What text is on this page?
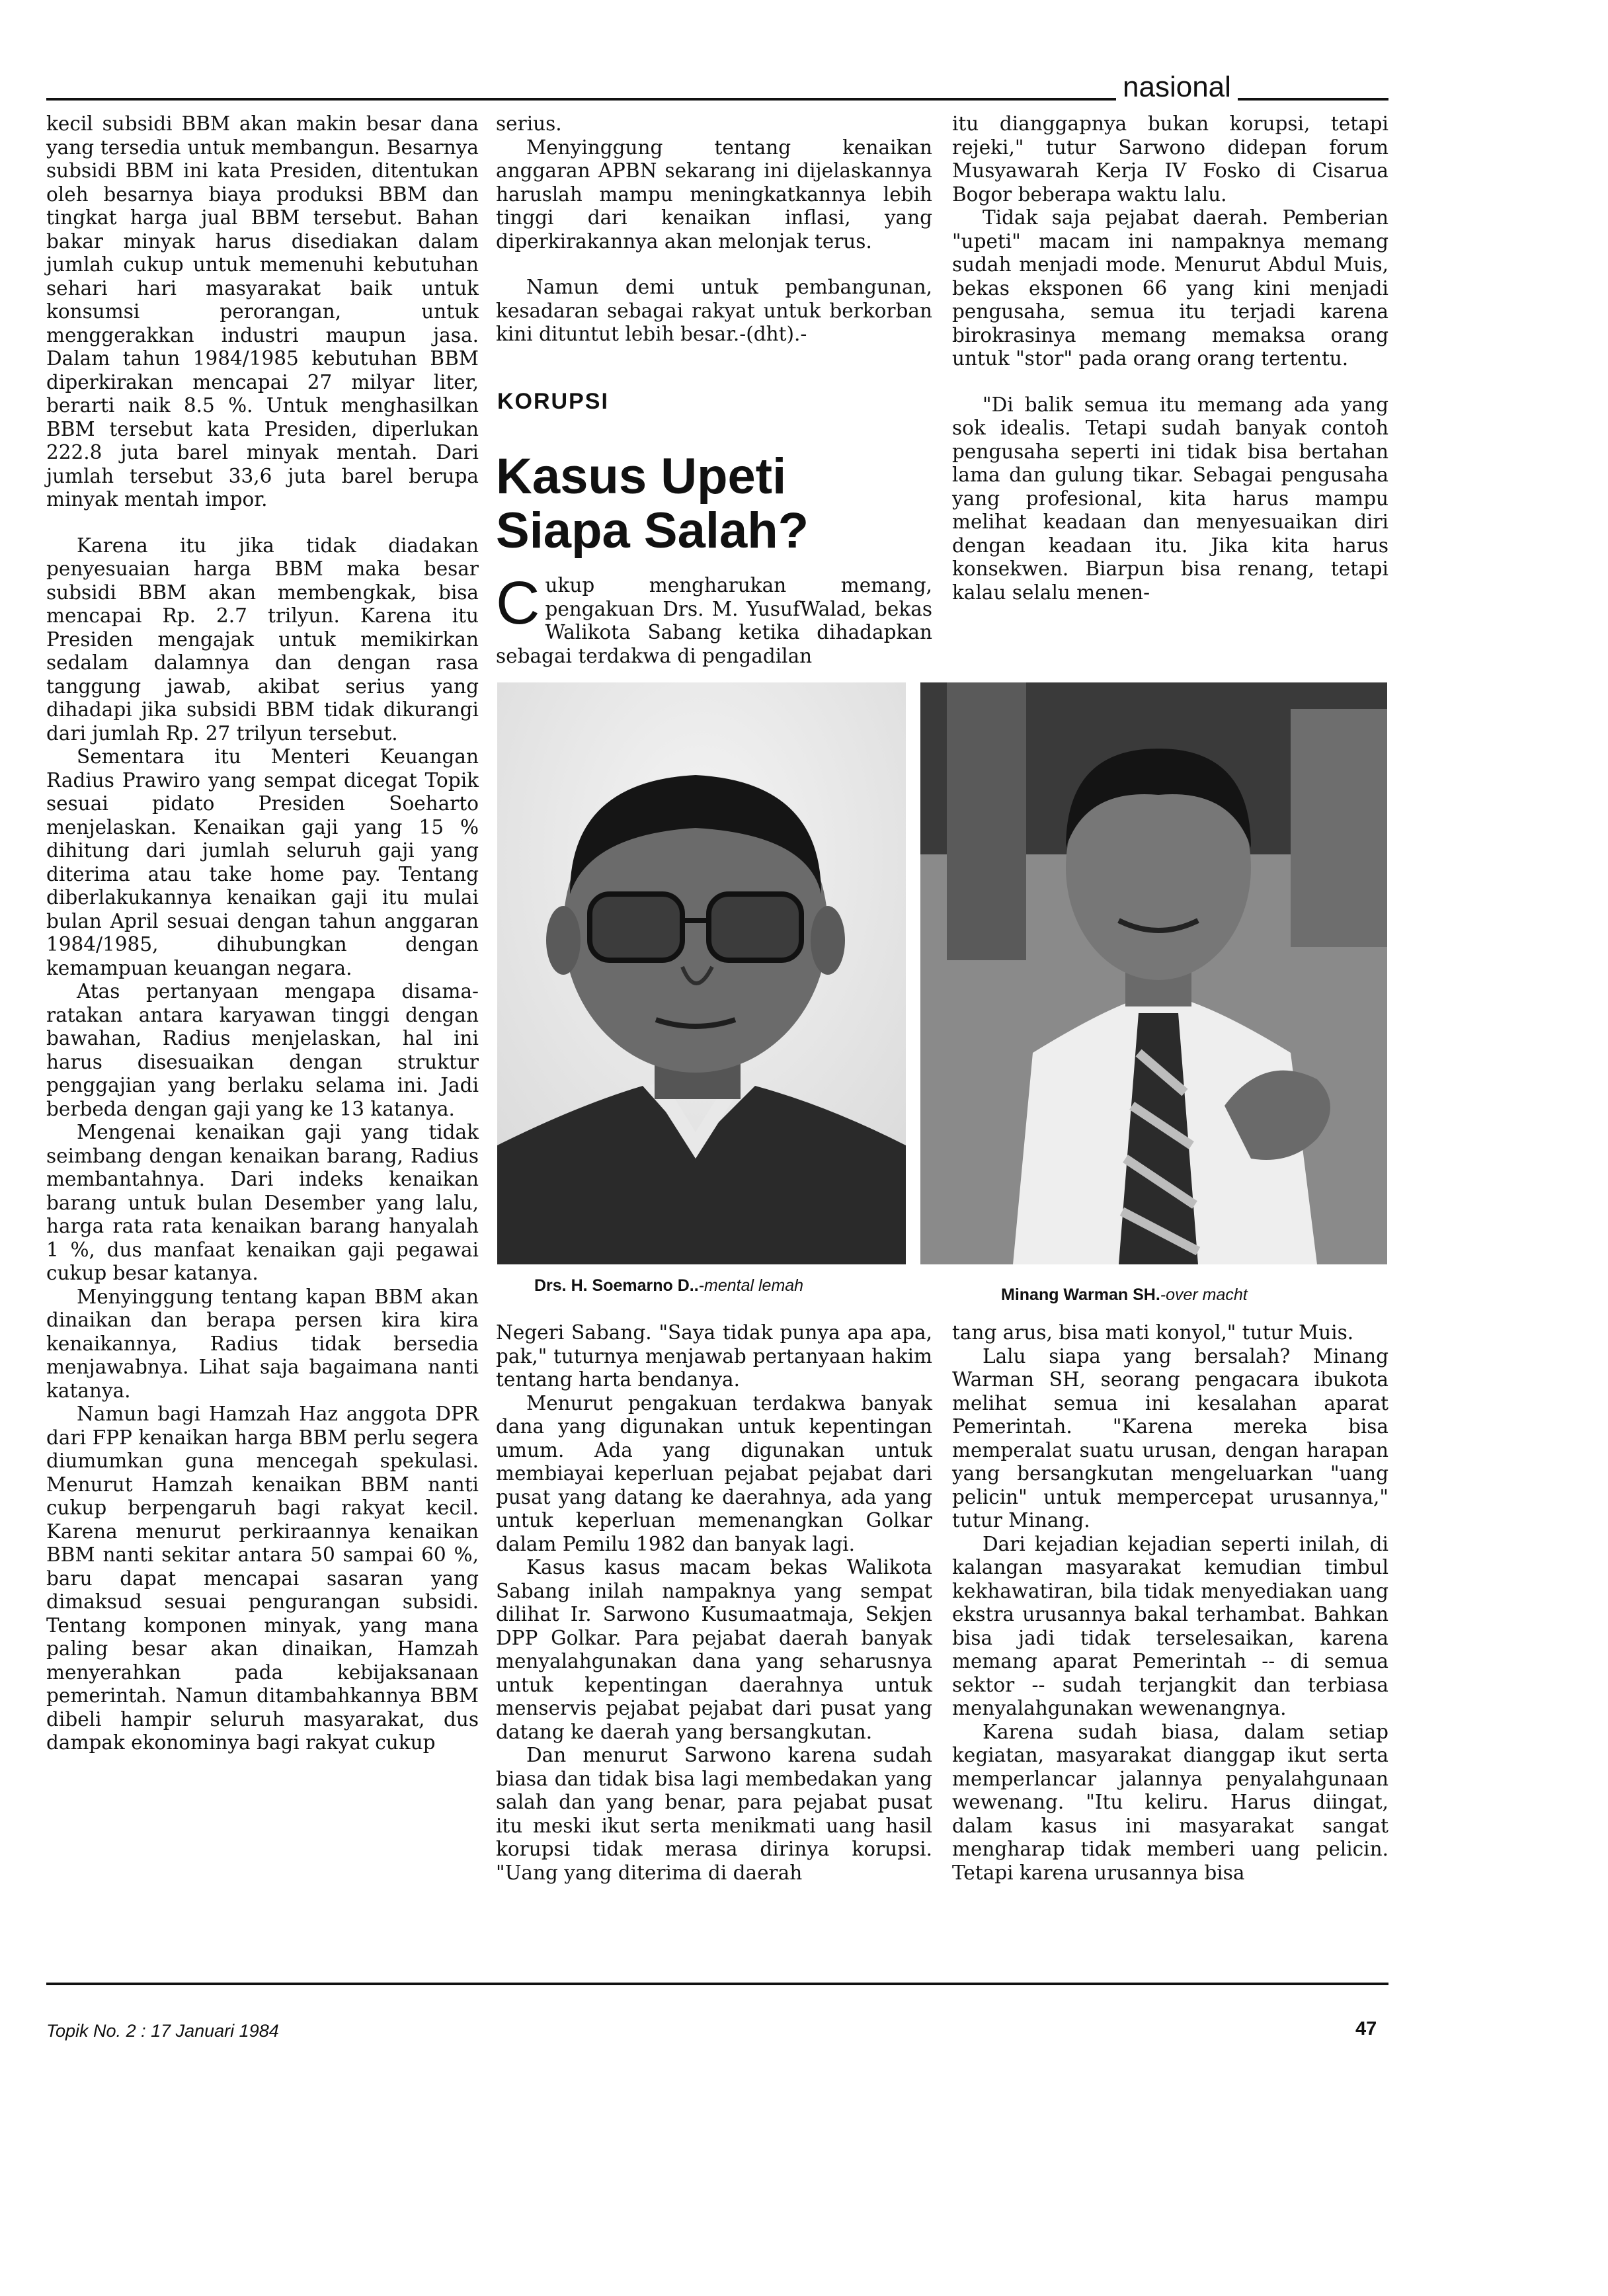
nasional

kecil subsidi BBM akan makin besar dana yang tersedia untuk membangun. Besarnya subsidi BBM ini kata Presiden, ditentukan oleh besarnya biaya produksi BBM dan tingkat harga jual BBM tersebut. Bahan bakar minyak harus disediakan dalam jumlah cukup untuk memenuhi kebutuhan sehari hari masyarakat baik untuk konsumsi perorangan, untuk menggerakkan industri maupun jasa. Dalam tahun 1984/1985 kebutuhan BBM diperkirakan mencapai 27 milyar liter, berarti naik 8.5 %. Untuk menghasilkan BBM tersebut kata Presiden, diperlukan 222.8 juta barel minyak mentah. Dari jumlah tersebut 33,6 juta barel berupa minyak mentah impor.

Karena itu jika tidak diadakan penyesuaian harga BBM maka besar subsidi BBM akan membengkak, bisa mencapai Rp. 2.7 trilyun. Karena itu Presiden mengajak untuk memikirkan sedalam dalamnya dan dengan rasa tanggung jawab, akibat serius yang dihadapi jika subsidi BBM tidak dikurangi dari jumlah Rp. 27 trilyun tersebut.

Sementara itu Menteri Keuangan Radius Prawiro yang sempat dicegat Topik sesuai pidato Presiden Soeharto menjelaskan. Kenaikan gaji yang 15 % dihitung dari jumlah seluruh gaji yang diterima atau take home pay. Tentang diberlakukannya kenaikan gaji itu mulai bulan April sesuai dengan tahun anggaran 1984/1985, dihubungkan dengan kemampuan keuangan negara.

Atas pertanyaan mengapa disama-ratakan antara karyawan tinggi dengan bawahan, Radius menjelaskan, hal ini harus disesuaikan dengan struktur penggajian yang berlaku selama ini. Jadi berbeda dengan gaji yang ke 13 katanya.

Mengenai kenaikan gaji yang tidak seimbang dengan kenaikan barang, Radius membantahnya. Dari indeks kenaikan barang untuk bulan Desember yang lalu, harga rata rata kenaikan barang hanyalah 1 %, dus manfaat kenaikan gaji pegawai cukup besar katanya.

Menyinggung tentang kapan BBM akan dinaikan dan berapa persen kira kira kenaikannya, Radius tidak bersedia menjawabnya. Lihat saja bagaimana nanti katanya.

Namun bagi Hamzah Haz anggota DPR dari FPP kenaikan harga BBM perlu segera diumumkan guna mencegah spekulasi. Menurut Hamzah kenaikan BBM nanti cukup berpengaruh bagi rakyat kecil. Karena menurut perkiraannya kenaikan BBM nanti sekitar antara 50 sampai 60 %, baru dapat mencapai sasaran yang dimaksud sesuai pengurangan subsidi. Tentang komponen minyak, yang mana paling besar akan dinaikan, Hamzah menyerahkan pada kebijaksanaan pemerintah. Namun ditambahkannya BBM dibeli hampir seluruh masyarakat, dus dampak ekonominya bagi rakyat cukup

serius.

Menyinggung tentang kenaikan anggaran APBN sekarang ini dijelaskannya haruslah mampu meningkatkannya lebih tinggi dari kenaikan inflasi, yang diperkirakannya akan melonjak terus.

Namun demi untuk pembangunan, kesadaran sebagai rakyat untuk berkorban kini dituntut lebih besar.-(dht).-

KORUPSI
Kasus Upeti
Siapa Salah?
C ukup mengharukan memang, pengakuan Drs. M. YusufWalad, bekas Walikota Sabang ketika dihadapkan sebagai terdakwa di pengadilan

itu dianggapnya bukan korupsi, tetapi rejeki," tutur Sarwono didepan forum Musyawarah Kerja IV Fosko di Cisarua Bogor beberapa waktu lalu.

Tidak saja pejabat daerah. Pemberian "upeti" macam ini nampaknya memang sudah menjadi mode. Menurut Abdul Muis, bekas eksponen 66 yang kini menjadi pengusaha, semua itu terjadi karena birokrasinya memang memaksa orang untuk "stor" pada orang orang tertentu.

"Di balik semua itu memang ada yang sok idealis. Tetapi sudah banyak contoh pengusaha seperti ini tidak bisa bertahan lama dan gulung tikar. Sebagai pengusaha yang profesional, kita harus mampu melihat keadaan dan menyesuaikan diri dengan keadaan itu. Jika kita harus konsekwen. Biarpun bisa renang, tetapi kalau selalu menen-

Drs. H. Soemarno D..-mental lemah	Minang Warman SH.-over macht

Negeri Sabang. "Saya tidak punya apa apa, pak," tuturnya menjawab pertanyaan hakim tentang harta bendanya.

Menurut pengakuan terdakwa banyak dana yang digunakan untuk kepentingan umum. Ada yang digunakan untuk membiayai keperluan pejabat pejabat dari pusat yang datang ke daerahnya, ada yang untuk keperluan memenangkan Golkar dalam Pemilu 1982 dan banyak lagi.

Kasus kasus macam bekas Walikota Sabang inilah nampaknya yang sempat dilihat Ir. Sarwono Kusumaatmaja, Sekjen DPP Golkar. Para pejabat daerah banyak menyalahgunakan dana yang seharusnya untuk kepentingan daerahnya untuk menservis pejabat pejabat dari pusat yang datang ke daerah yang bersangkutan.

Dan menurut Sarwono karena sudah biasa dan tidak bisa lagi membedakan yang salah dan yang benar, para pejabat pusat itu meski ikut serta menikmati uang hasil korupsi tidak merasa dirinya korupsi. "Uang yang diterima di daerah

tang arus, bisa mati konyol," tutur Muis.

Lalu siapa yang bersalah? Minang Warman SH, seorang pengacara ibukota melihat semua ini kesalahan aparat Pemerintah. "Karena mereka bisa memperalat suatu urusan, dengan harapan yang bersangkutan mengeluarkan "uang pelicin" untuk mempercepat urusannya," tutur Minang.

Dari kejadian kejadian seperti inilah, di kalangan masyarakat kemudian timbul kekhawatiran, bila tidak menyediakan uang ekstra urusannya bakal terhambat. Bahkan bisa jadi tidak terselesaikan, karena memang aparat Pemerintah -- di semua sektor -- sudah terjangkit dan terbiasa menyalahgunakan wewenangnya.

Karena sudah biasa, dalam setiap kegiatan, masyarakat dianggap ikut serta memperlancar jalannya penyalahgunaan wewenang. "Itu keliru. Harus diingat, dalam kasus ini masyarakat sangat mengharap tidak memberi uang pelicin. Tetapi karena urusannya bisa

Topik No. 2 : 17 Januari 1984	47
